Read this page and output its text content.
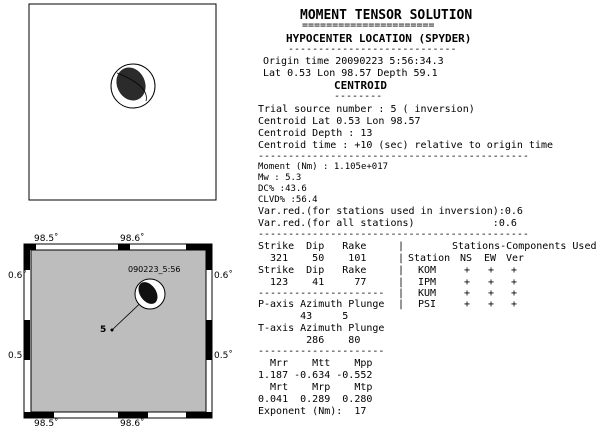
98.5˚	98.6˚
98.5˚	98.6˚
0.6˚
0.5˚
0.6˚
0.5˚
090223_5:56
5
MOMENT TENSOR SOLUTION
======================
HYPOCENTER LOCATION (SPYDER)
----------------------------
Origin time 20090223 5:56:34.3
Lat 0.53 Lon 98.57 Depth 59.1
CENTROID
--------
Trial source number : 5 ( inversion)
Centroid Lat 0.53 Lon 98.57
Centroid Depth : 13
Centroid time : +10 (sec) relative to origin time
---------------------------------------------
Moment (Nm) : 1.105e+017
Mw : 5.3
DC% :43.6
CLVD% :56.4
Var.red.(for stations used in inversion):0.6
Var.red.(for all stations)             :0.6
---------------------------------------------
Strike  Dip   Rake
321    50    101
Strike  Dip   Rake
123    41     77
---------------------
P-axis Azimuth Plunge
43     5
T-axis Azimuth Plunge
286    80
---------------------
Mrr    Mtt    Mpp
1.187 -0.634 -0.552
Mrt    Mrp    Mtp
0.041  0.289  0.280
Exponent (Nm):  17
|
|
|
|
|
|
Stations-Components Used
Station NS EW Ver
KOM	+ + +
IPM	+ + +
KUM	+ + +
PSI	+ + +
